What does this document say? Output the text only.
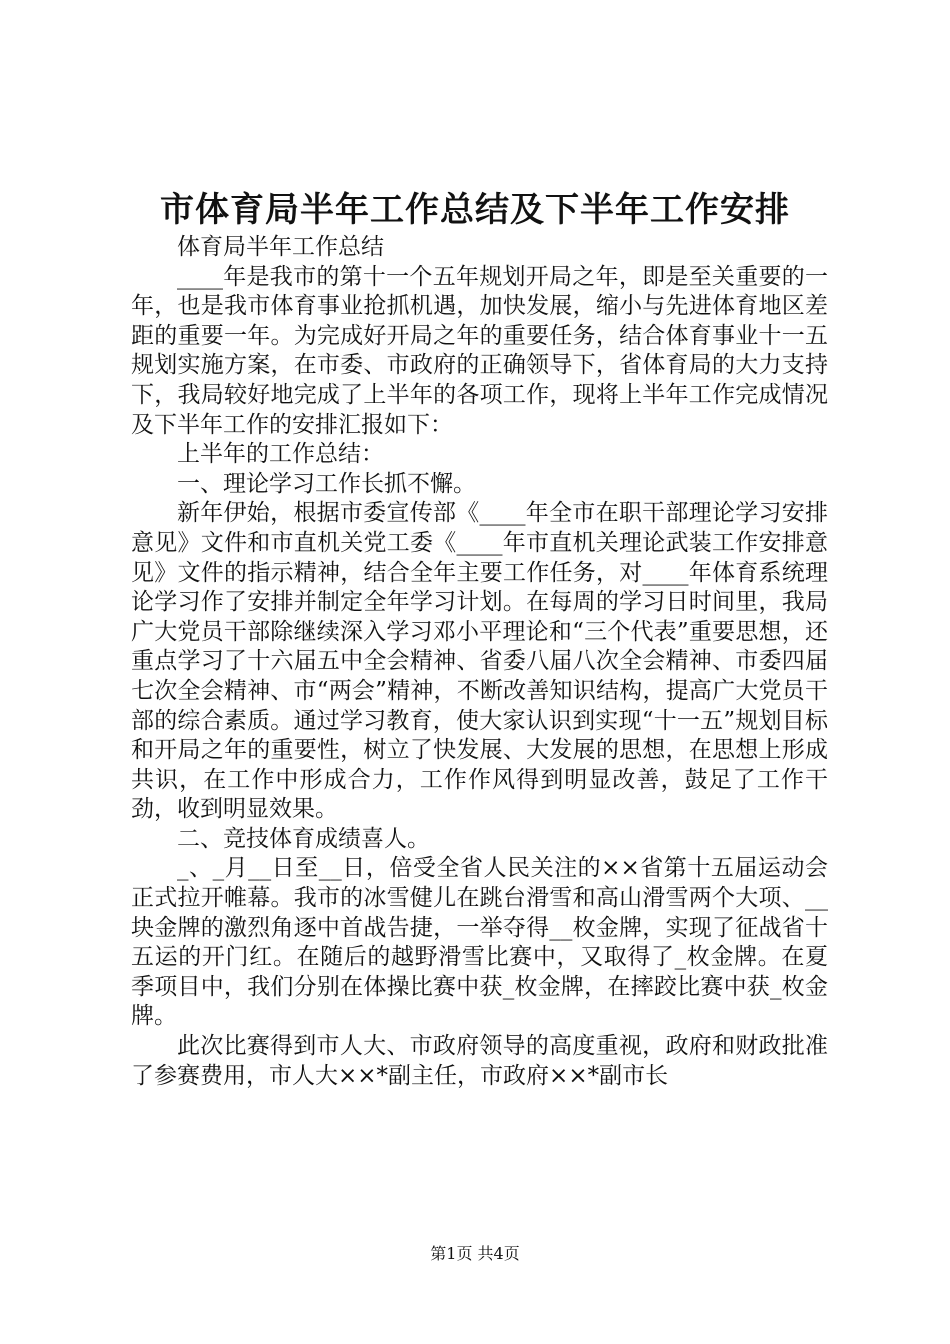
市体育局半年工作总结及下半年工作安排

体育局半年工作总结

____年是我市的第十一个五年规划开局之年，即是至关重要的一年，也是我市体育事业抢抓机遇，加快发展，缩小与先进体育地区差距的重要一年。为完成好开局之年的重要任务，结合体育事业十一五规划实施方案，在市委、市政府的正确领导下，省体育局的大力支持下，我局较好地完成了上半年的各项工作，现将上半年工作完成情况及下半年工作的安排汇报如下：

上半年的工作总结：

一、理论学习工作长抓不懈。

新年伊始，根据市委宣传部《____年全市在职干部理论学习安排意见》文件和市直机关党工委《____年市直机关理论武装工作安排意见》文件的指示精神，结合全年主要工作任务，对____年体育系统理论学习作了安排并制定全年学习计划。在每周的学习日时间里，我局广大党员干部除继续深入学习邓小平理论和“三个代表”重要思想，还重点学习了十六届五中全会精神、省委八届八次全会精神、市委四届七次全会精神、市“两会”精神，不断改善知识结构，提高广大党员干部的综合素质。通过学习教育，使大家认识到实现“十一五”规划目标和开局之年的重要性，树立了快发展、大发展的思想，在思想上形成共识，在工作中形成合力，工作作风得到明显改善，鼓足了工作干劲，收到明显效果。

二、竞技体育成绩喜人。

_、_月__日至__日，倍受全省人民关注的××省第十五届运动会正式拉开帷幕。我市的冰雪健儿在跳台滑雪和高山滑雪两个大项、__块金牌的激烈角逐中首战告捷，一举夺得__枚金牌，实现了征战省十五运的开门红。在随后的越野滑雪比赛中，又取得了_枚金牌。在夏季项目中，我们分别在体操比赛中获_枚金牌，在摔跤比赛中获_枚金牌。

此次比赛得到市人大、市政府领导的高度重视，政府和财政批准了参赛费用，市人大××*副主任，市政府××*副市长

第1页 共4页
